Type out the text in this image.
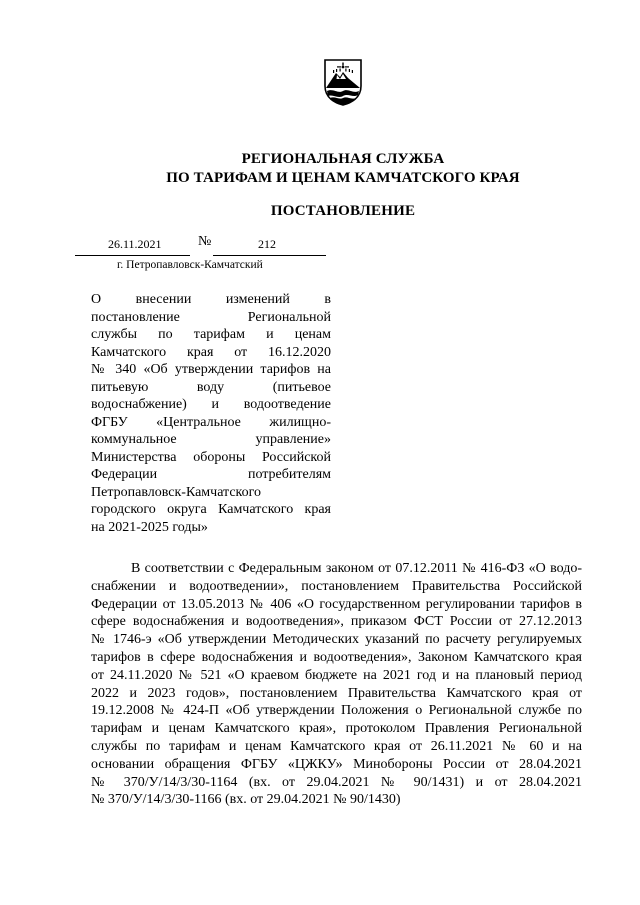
РЕГИОНАЛЬНАЯ СЛУЖБА
ПО ТАРИФАМ И ЦЕНАМ КАМЧАТСКОГО КРАЯ
ПОСТАНОВЛЕНИЕ
26.11.2021	№	212
г. Петропавловск-Камчатский
О внесении изменений в
постановление Региональной
службы по тарифам и ценам
Камчатского края от 16.12.2020
№ 340 «Об утверждении тарифов на
питьевую воду (питьевое
водоснабжение) и водоотведение
ФГБУ «Центральное жилищно-
коммунальное управление»
Министерства обороны Российской
Федерации потребителям
Петропавловск-Камчатского
городского округа Камчатского края
на 2021-2025 годы»
В соответствии с Федеральным законом от 07.12.2011 № 416-ФЗ «О водо-
снабжении и водоотведении», постановлением Правительства Российской
Федерации от 13.05.2013 № 406 «О государственном регулировании тарифов в
сфере водоснабжения и водоотведения», приказом ФСТ России от 27.12.2013
№ 1746-э «Об утверждении Методических указаний по расчету регулируемых
тарифов в сфере водоснабжения и водоотведения», Законом Камчатского края
от 24.11.2020 № 521 «О краевом бюджете на 2021 год и на плановый период
2022 и 2023 годов», постановлением Правительства Камчатского края от
19.12.2008 № 424-П «Об утверждении Положения о Региональной службе по
тарифам и ценам Камчатского края», протоколом Правления Региональной
службы по тарифам и ценам Камчатского края от 26.11.2021 № 60 и на
основании обращения ФГБУ «ЦЖКУ» Минобороны России от 28.04.2021
№ 370/У/14/3/30-1164 (вх. от 29.04.2021 № 90/1431) и от 28.04.2021
№ 370/У/14/3/30-1166 (вх. от 29.04.2021 № 90/1430)
